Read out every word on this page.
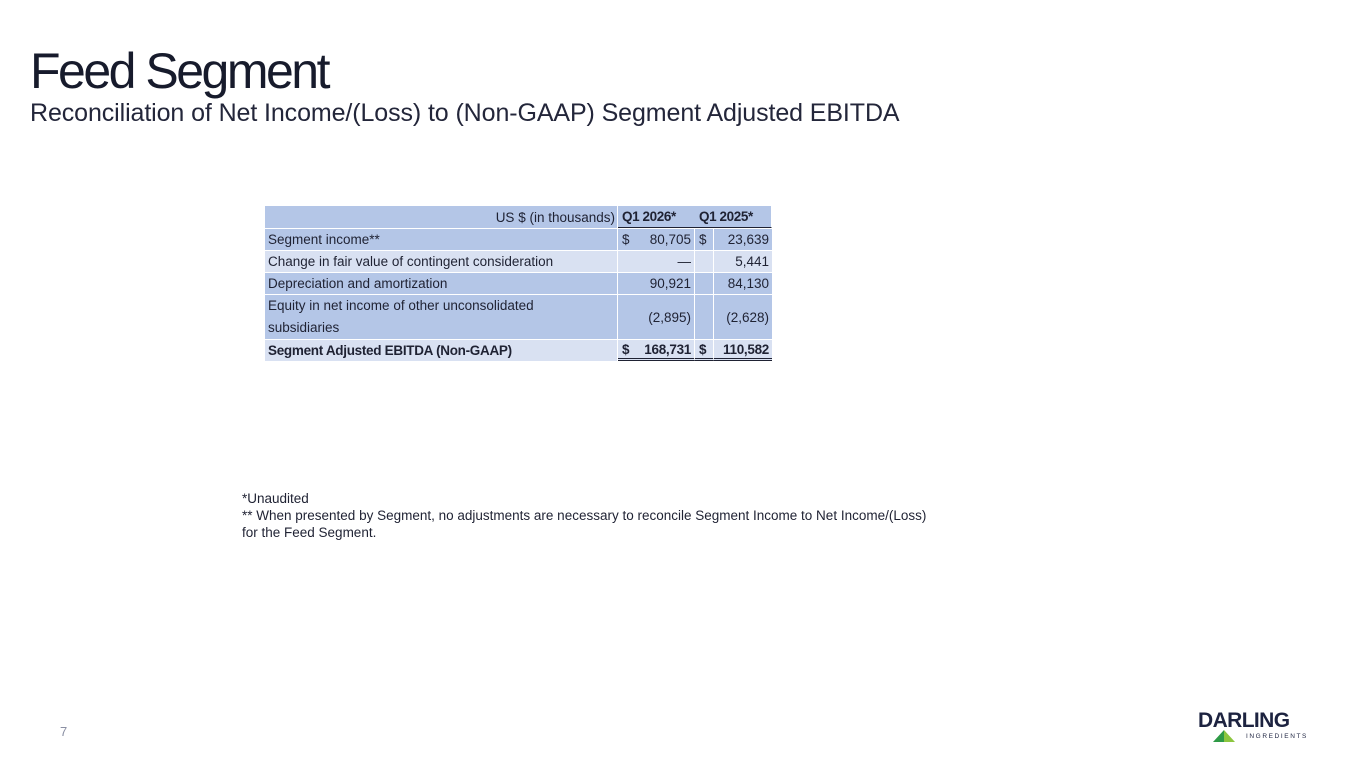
Feed Segment
Reconciliation of Net Income/(Loss) to (Non-GAAP) Segment Adjusted EBITDA
US $ (in thousands)	Q1 2026*		Q1 2025*	
Segment income**	$	80,705	$	23,639
Change in fair value of contingent consideration		—		5,441
Depreciation and amortization		90,921		84,130

Equity in net income of other unconsolidated
subsidiaries		(2,895)		(2,628)
Segment Adjusted EBITDA (Non-GAAP)	$	168,731	$	110,582
*Unaudited
** When presented by Segment, no adjustments are necessary to reconcile Segment Income to Net Income/(Loss) for the Feed Segment.
7	DARLING
INGREDIENTS
